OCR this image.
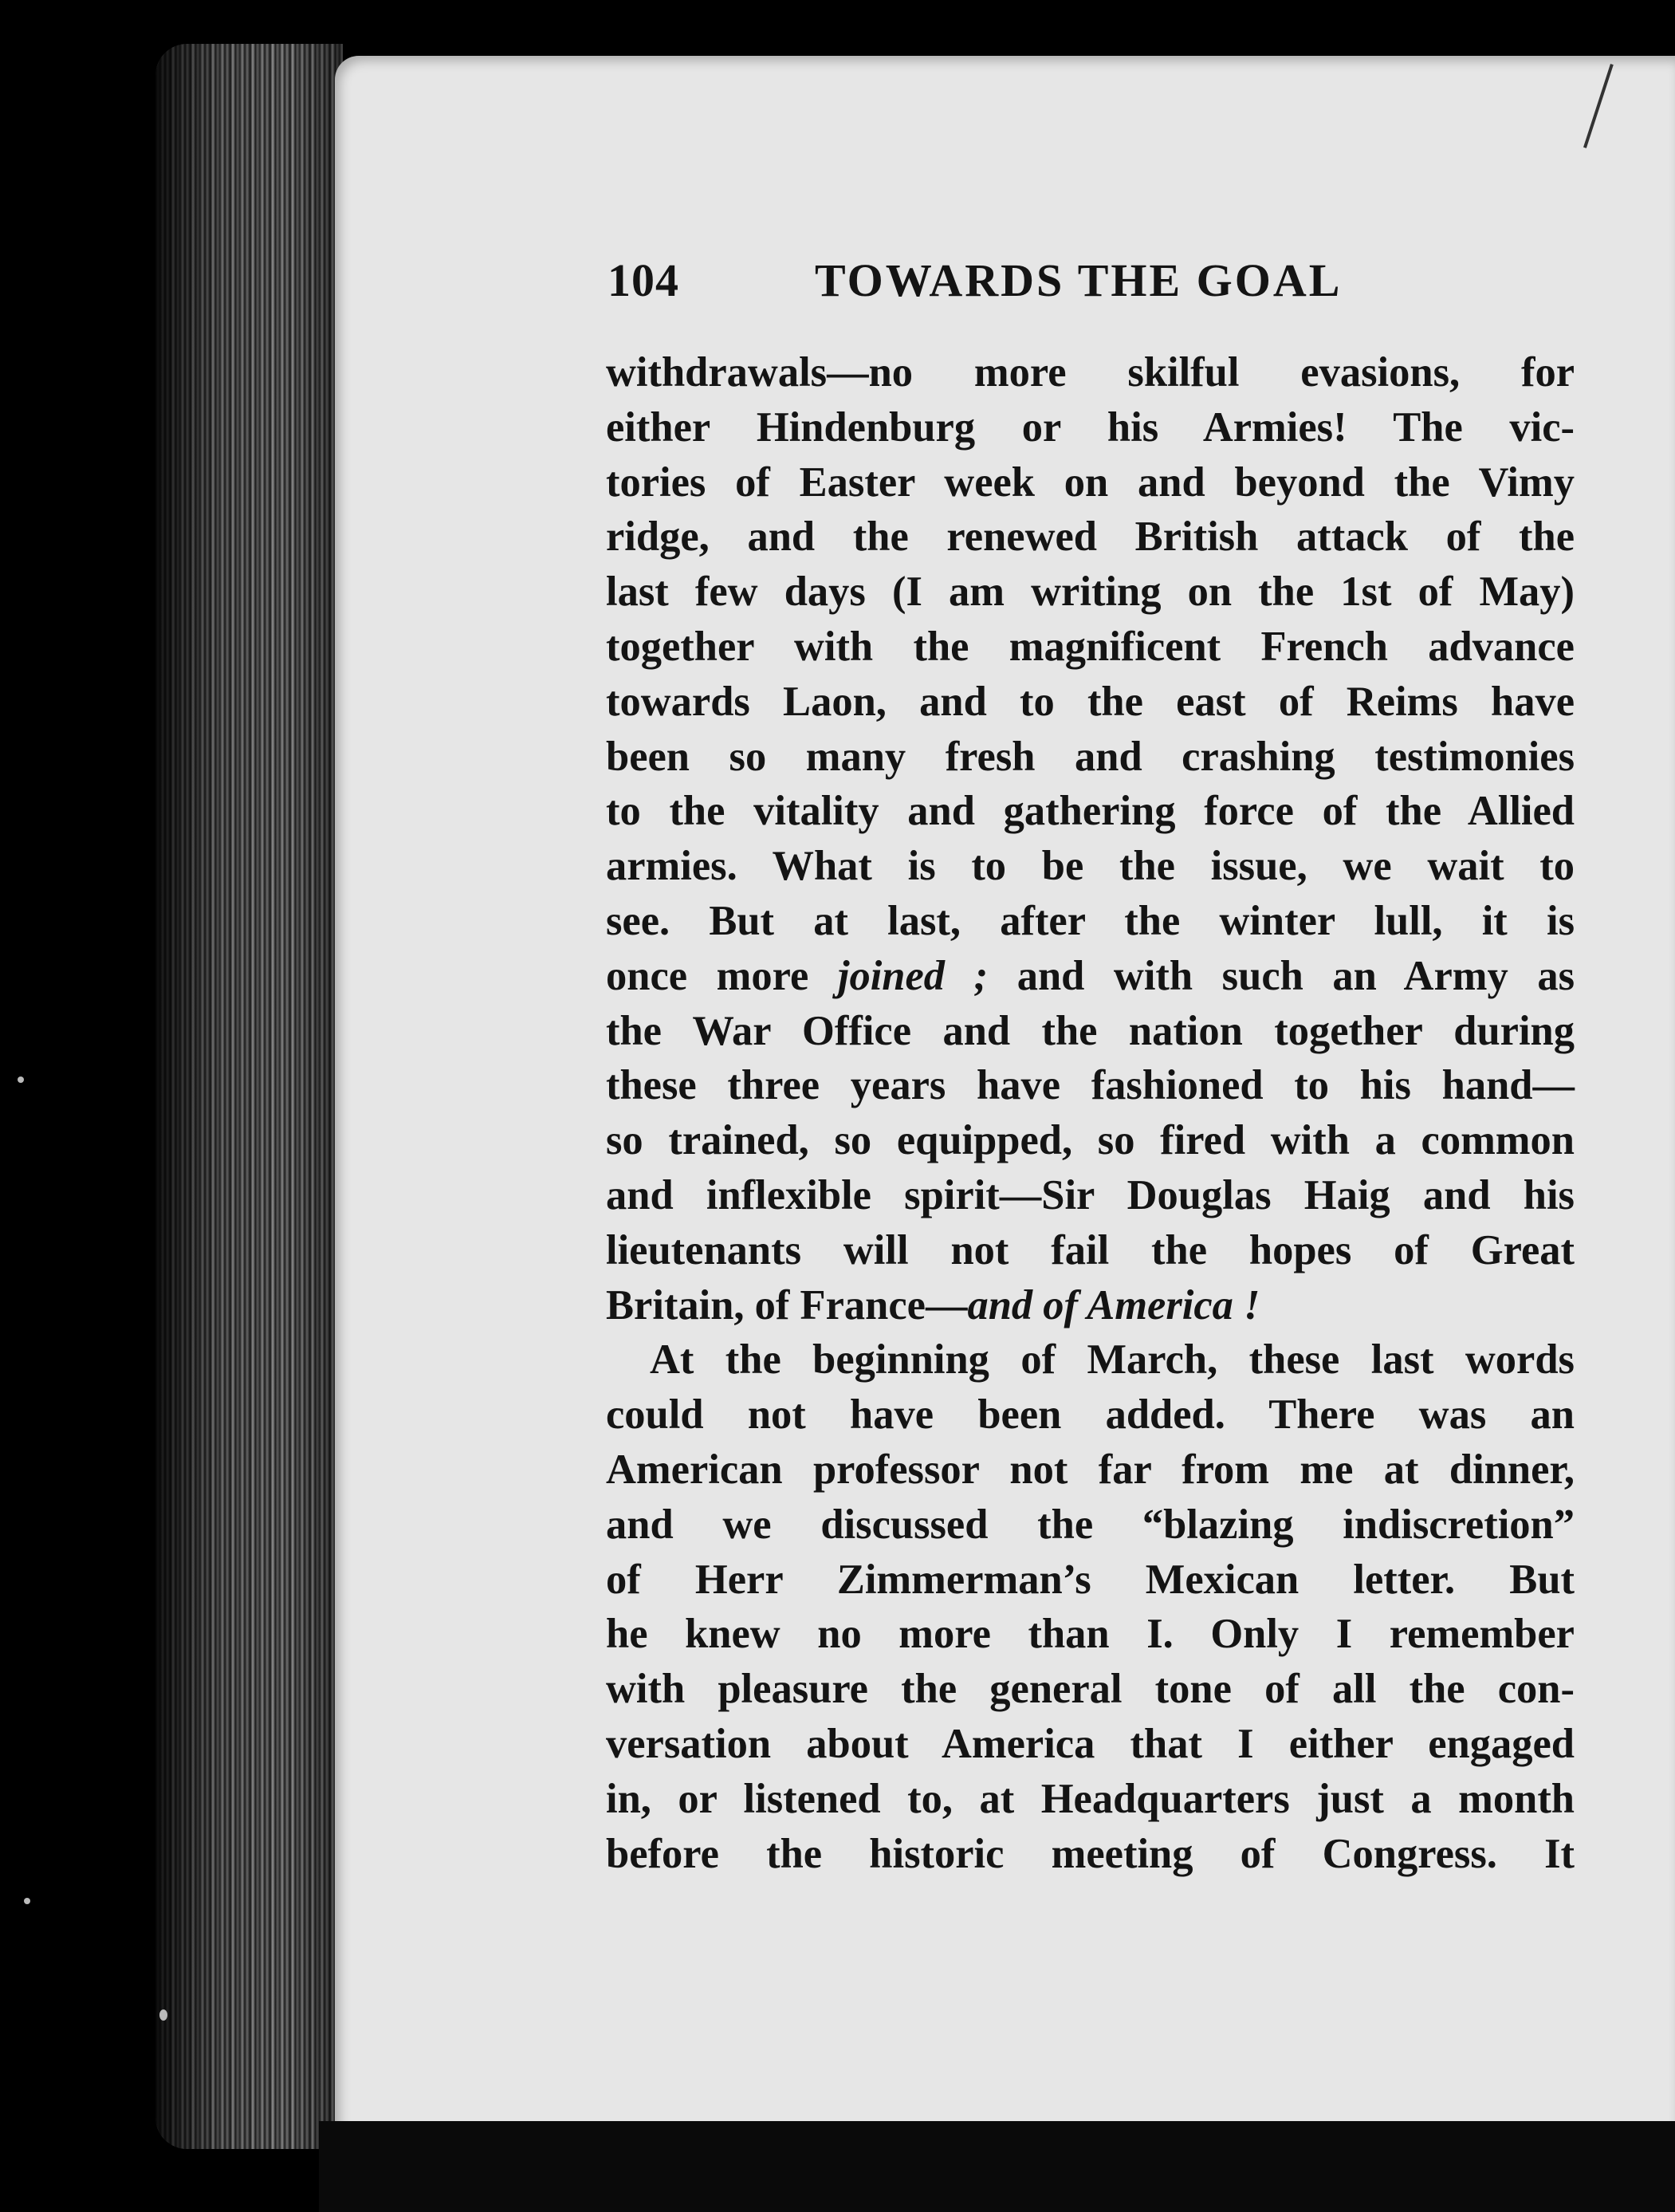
104	TOWARDS THE GOAL
withdrawals—no more skilful evasions, for
either Hindenburg or his Armies! The vic-
tories of Easter week on and beyond the Vimy
ridge, and the renewed British attack of the
last few days (I am writing on the 1st of May)
together with the magnificent French advance
towards Laon, and to the east of Reims have
been so many fresh and crashing testimonies
to the vitality and gathering force of the Allied
armies. What is to be the issue, we wait to
see. But at last, after the winter lull, it is
once more joined ; and with such an Army as
the War Office and the nation together during
these three years have fashioned to his hand—
so trained, so equipped, so fired with a common
and inflexible spirit—Sir Douglas Haig and his
lieutenants will not fail the hopes of Great
Britain, of France—and of America !
At the beginning of March, these last words
could not have been added. There was an
American professor not far from me at dinner,
and we discussed the “blazing indiscretion”
of Herr Zimmerman’s Mexican letter. But
he knew no more than I. Only I remember
with pleasure the general tone of all the con-
versation about America that I either engaged
in, or listened to, at Headquarters just a month
before the historic meeting of Congress. It
